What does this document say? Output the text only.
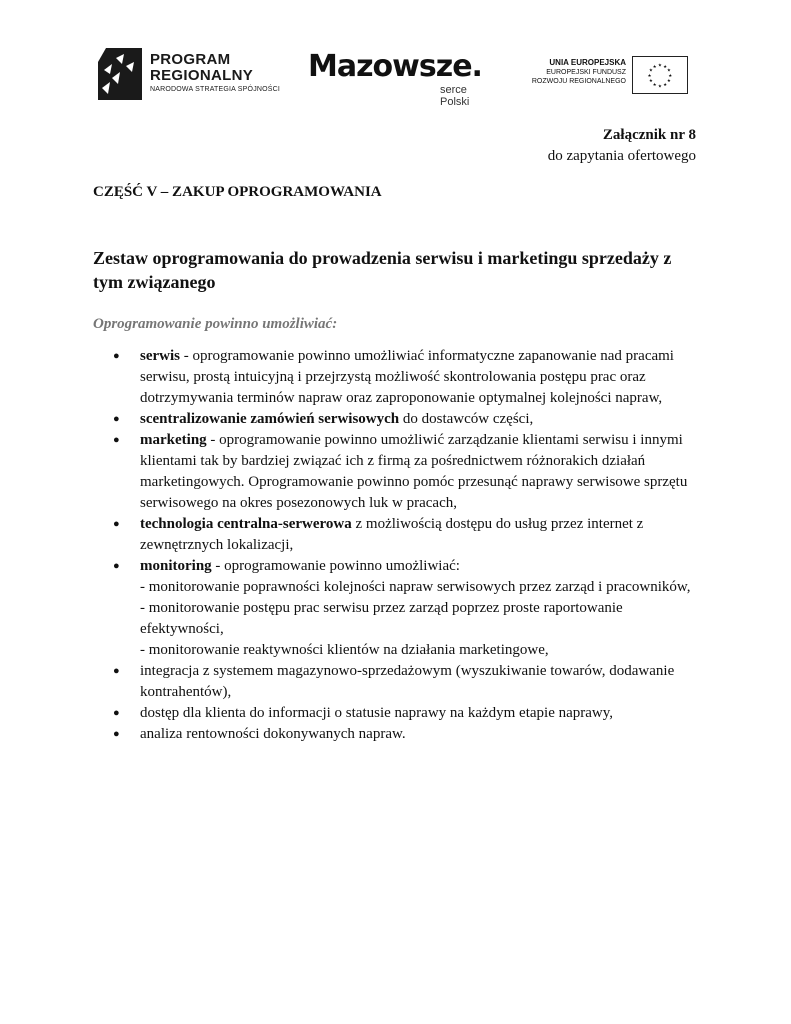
PROGRAM
REGIONALNY
NARODOWA STRATEGIA SPÓJNOŚCI
Mazowsze.
serce Polski
UNIA EUROPEJSKA
EUROPEJSKI FUNDUSZ
ROZWOJU REGIONALNEGO
★ ★
★
★
★
★
★
★
★
★
★
★
Załącznik nr 8
do zapytania ofertowego
CZĘŚĆ V – ZAKUP OPROGRAMOWANIA
Zestaw oprogramowania do prowadzenia serwisu i marketingu sprzedaży z tym związanego
Oprogramowanie powinno umożliwiać:
● serwis - oprogramowanie powinno umożliwiać informatyczne zapanowanie nad pracami serwisu, prostą intuicyjną i przejrzystą możliwość skontrolowania postępu prac oraz dotrzymywania terminów napraw oraz zaproponowanie optymalnej kolejności napraw,
● scentralizowanie zamówień serwisowych do dostawców części,
● marketing - oprogramowanie powinno umożliwić zarządzanie klientami serwisu i innymi klientami tak by bardziej związać ich z firmą za pośrednictwem różnorakich działań marketingowych. Oprogramowanie powinno pomóc przesunąć naprawy serwisowe sprzętu serwisowego na okres posezonowych luk w pracach,
● technologia centralna-serwerowa z możliwością dostępu do usług przez internet z zewnętrznych lokalizacji,
● monitoring - oprogramowanie powinno umożliwiać:
- monitorowanie poprawności kolejności napraw serwisowych przez zarząd i pracowników,
- monitorowanie postępu prac serwisu przez zarząd poprzez proste raportowanie efektywności,
- monitorowanie reaktywności klientów na działania marketingowe,
● integracja z systemem magazynowo-sprzedażowym (wyszukiwanie towarów, dodawanie kontrahentów),
● dostęp dla klienta do informacji o statusie naprawy na każdym etapie naprawy,
● analiza rentowności dokonywanych napraw.
